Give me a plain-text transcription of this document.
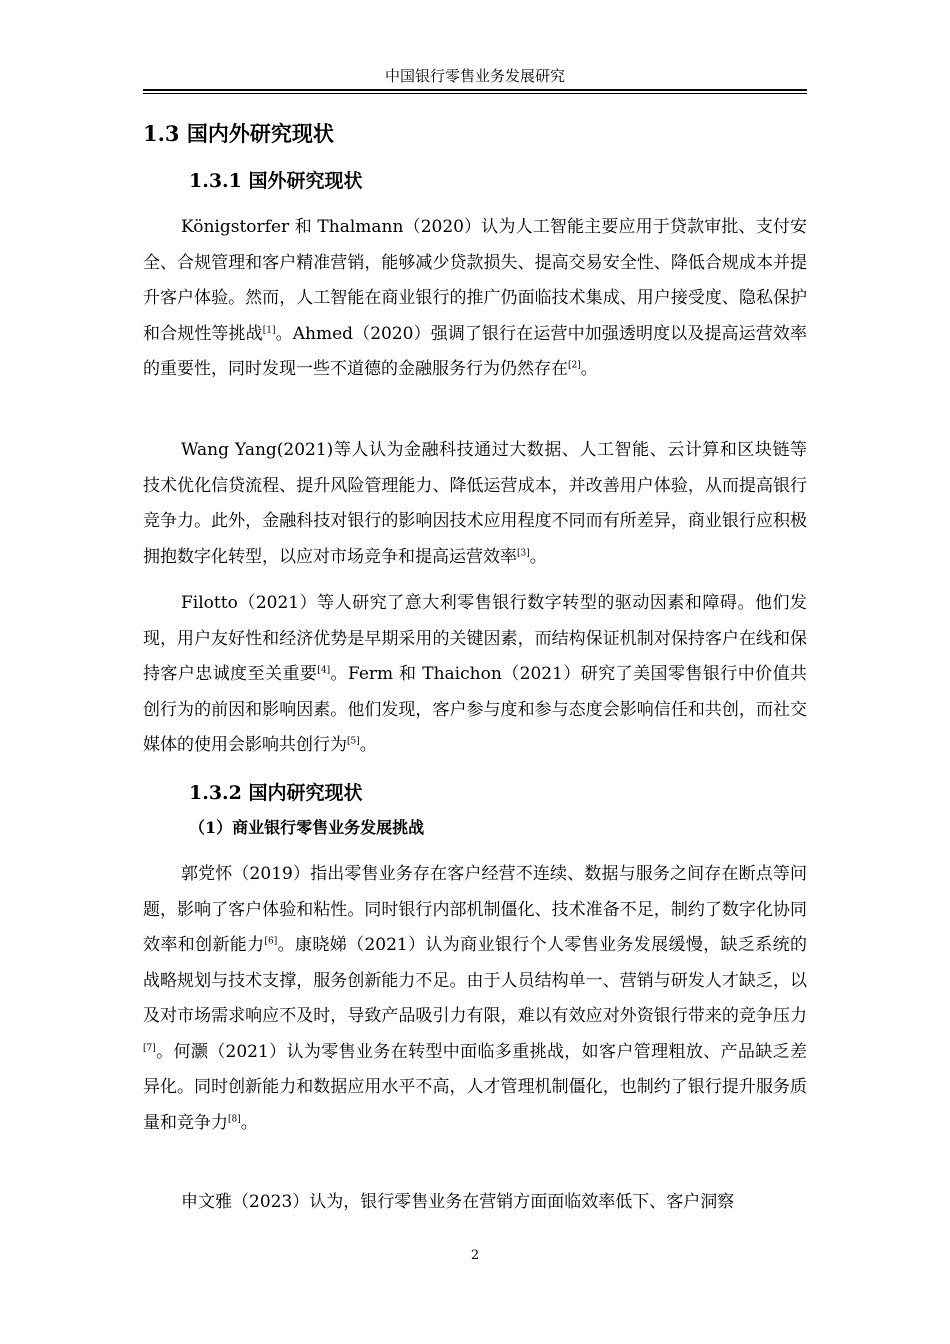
中国银行零售业务发展研究
1.3 国内外研究现状
1.3.1 国外研究现状

Königstorfer 和 Thalmann（2020）认为人工智能主要应用于贷款审批、支付安全、合规管理和客户精准营销，能够减少贷款损失、提高交易安全性、降低合规成本并提升客户体验。然而，人工智能在商业银行的推广仍面临技术集成、用户接受度、隐私保护和合规性等挑战[1]。Ahmed（2020）强调了银行在运营中加强透明度以及提高运营效率的重要性，同时发现一些不道德的金融服务行为仍然存在[2]。

Wang Yang(2021)等人认为金融科技通过大数据、人工智能、云计算和区块链等技术优化信贷流程、提升风险管理能力、降低运营成本，并改善用户体验，从而提高银行竞争力。此外，金融科技对银行的影响因技术应用程度不同而有所差异，商业银行应积极拥抱数字化转型，以应对市场竞争和提高运营效率[3]。

Filotto（2021）等人研究了意大利零售银行数字转型的驱动因素和障碍。他们发现，用户友好性和经济优势是早期采用的关键因素，而结构保证机制对保持客户在线和保持客户忠诚度至关重要[4]。Ferm 和 Thaichon（2021）研究了美国零售银行中价值共创行为的前因和影响因素。他们发现，客户参与度和参与态度会影响信任和共创，而社交媒体的使用会影响共创行为[5]。

1.3.2 国内研究现状
（1）商业银行零售业务发展挑战

郭党怀（2019）指出零售业务存在客户经营不连续、数据与服务之间存在断点等问题，影响了客户体验和粘性。同时银行内部机制僵化、技术准备不足，制约了数字化协同效率和创新能力[6]。康晓娣（2021）认为商业银行个人零售业务发展缓慢，缺乏系统的战略规划与技术支撑，服务创新能力不足。由于人员结构单一、营销与研发人才缺乏，以及对市场需求响应不及时，导致产品吸引力有限，难以有效应对外资银行带来的竞争压力[7]。何灏（2021）认为零售业务在转型中面临多重挑战，如客户管理粗放、产品缺乏差异化。同时创新能力和数据应用水平不高，人才管理机制僵化，也制约了银行提升服务质量和竞争力[8]。

申文雅（2023）认为，银行零售业务在营销方面面临效率低下、客户洞察

2
